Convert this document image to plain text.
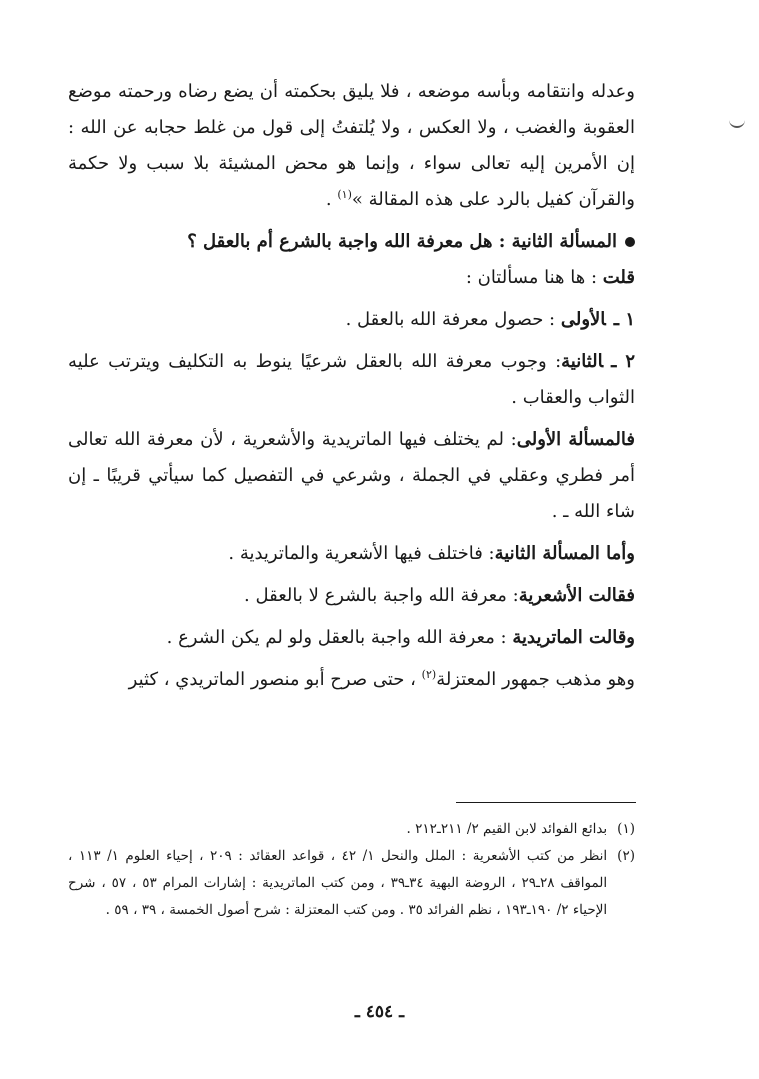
وعدله وانتقامه وبأسه موضعه ، فلا يليق بحكمته أن يضع رضاه ورحمته موضع العقوبة والغضب ، ولا العكس ، ولا يُلتفتُ إلى قول من غلط حجابه عن الله : إن الأمرين إليه تعالى سواء ، وإنما هو محض المشيئة بلا سبب ولا حكمة والقرآن كفيل بالرد على هذه المقالة »$^{(١)}$ .

المسألة الثانية : هل معرفة الله واجبة بالشرع أم بالعقل ؟

قلت : ها هنا مسألتان :

١ ـالأولى : حصول معرفة الله بالعقل .

٢ ـالثانية: وجوب معرفة الله بالعقل شرعيًا ينوط به التكليف ويترتب عليه الثواب والعقاب .

فالمسألة الأولى: لم يختلف فيها الماتريدية والأشعرية ، لأن معرفة الله تعالى أمر فطري وعقلي في الجملة ، وشرعي في التفصيل كما سيأتي قريبًا ـ إن شاء الله ـ .

وأما المسألة الثانية: فاختلف فيها الأشعرية والماتريدية .

فقالت الأشعرية: معرفة الله واجبة بالشرع لا بالعقل .

وقالت الماتريدية : معرفة الله واجبة بالعقل ولو لم يكن الشرع .

وهو مذهب جمهور المعتزلة$^{(٢)}$ ، حتى صرح أبو منصور الماتريدي ، كثير

(١)
بدائع الفوائد لابن القيم ٢/ ٢١١ـ٢١٢ .

(٢)
انظر من كتب الأشعرية : الملل والنحل ١/ ٤٢ ، قواعد العقائد : ٢٠٩ ، إحياء العلوم ١/ ١١٣ ، المواقف ٢٨ـ٢٩ ، الروضة البهية ٣٤ـ٣٩ ، ومن كتب الماتريدية : إشارات المرام ٥٣ ، ٥٧ ، شرح الإحياء ٢/ ١٩٠ـ١٩٣ ، نظم الفرائد ٣٥ . ومن كتب المعتزلة : شرح أصول الخمسة ، ٣٩ ، ٥٩ .

ـ ٤٥٤ ـ
